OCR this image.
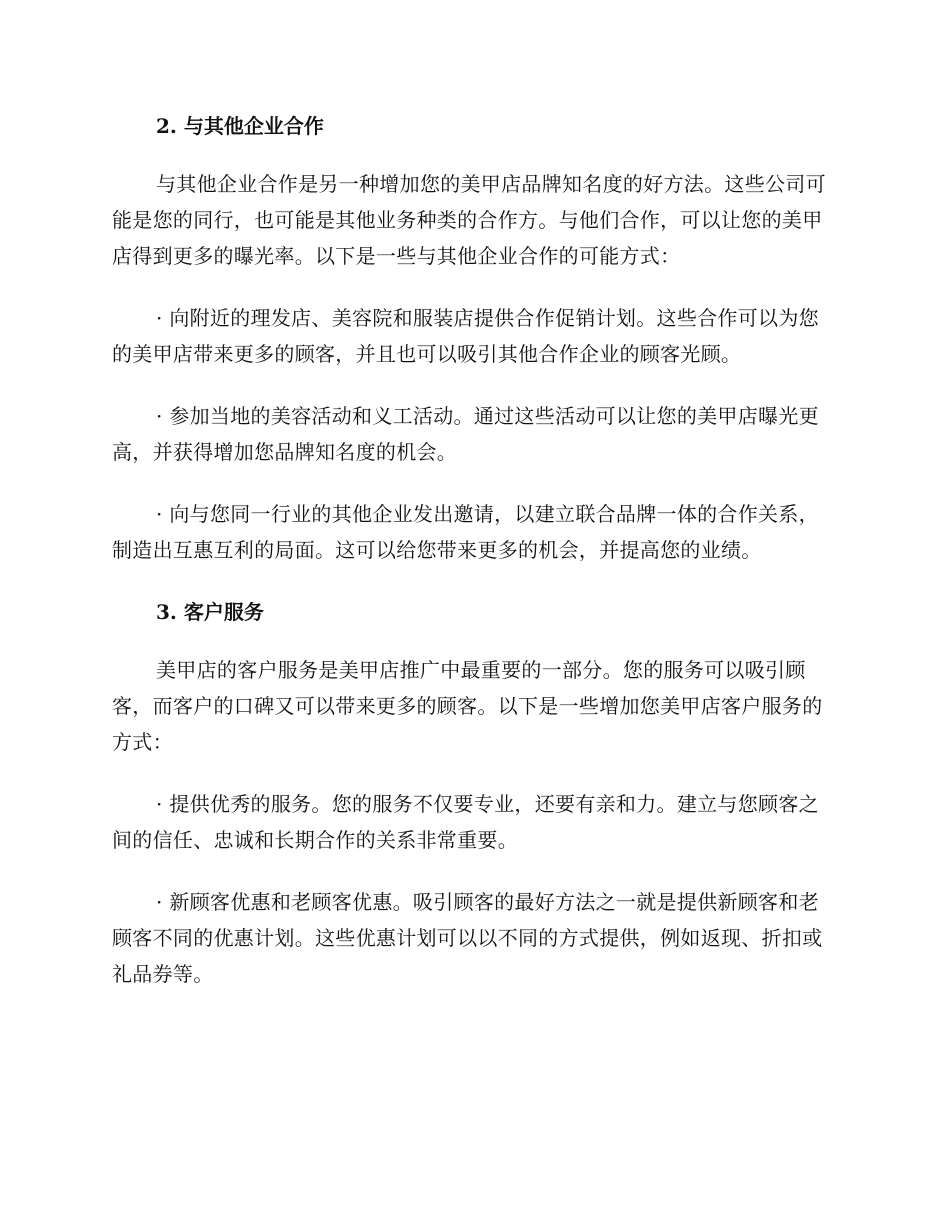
2. 与其他企业合作

与其他企业合作是另一种增加您的美甲店品牌知名度的好方法。这些公司可能是您的同行，也可能是其他业务种类的合作方。与他们合作，可以让您的美甲店得到更多的曝光率。以下是一些与其他企业合作的可能方式：

· 向附近的理发店、美容院和服装店提供合作促销计划。这些合作可以为您的美甲店带来更多的顾客，并且也可以吸引其他合作企业的顾客光顾。

· 参加当地的美容活动和义工活动。通过这些活动可以让您的美甲店曝光更高，并获得增加您品牌知名度的机会。

· 向与您同一行业的其他企业发出邀请，以建立联合品牌一体的合作关系，制造出互惠互利的局面。这可以给您带来更多的机会，并提高您的业绩。

3. 客户服务

美甲店的客户服务是美甲店推广中最重要的一部分。您的服务可以吸引顾客，而客户的口碑又可以带来更多的顾客。以下是一些增加您美甲店客户服务的方式：

· 提供优秀的服务。您的服务不仅要专业，还要有亲和力。建立与您顾客之间的信任、忠诚和长期合作的关系非常重要。

· 新顾客优惠和老顾客优惠。吸引顾客的最好方法之一就是提供新顾客和老顾客不同的优惠计划。这些优惠计划可以以不同的方式提供，例如返现、折扣或礼品券等。
